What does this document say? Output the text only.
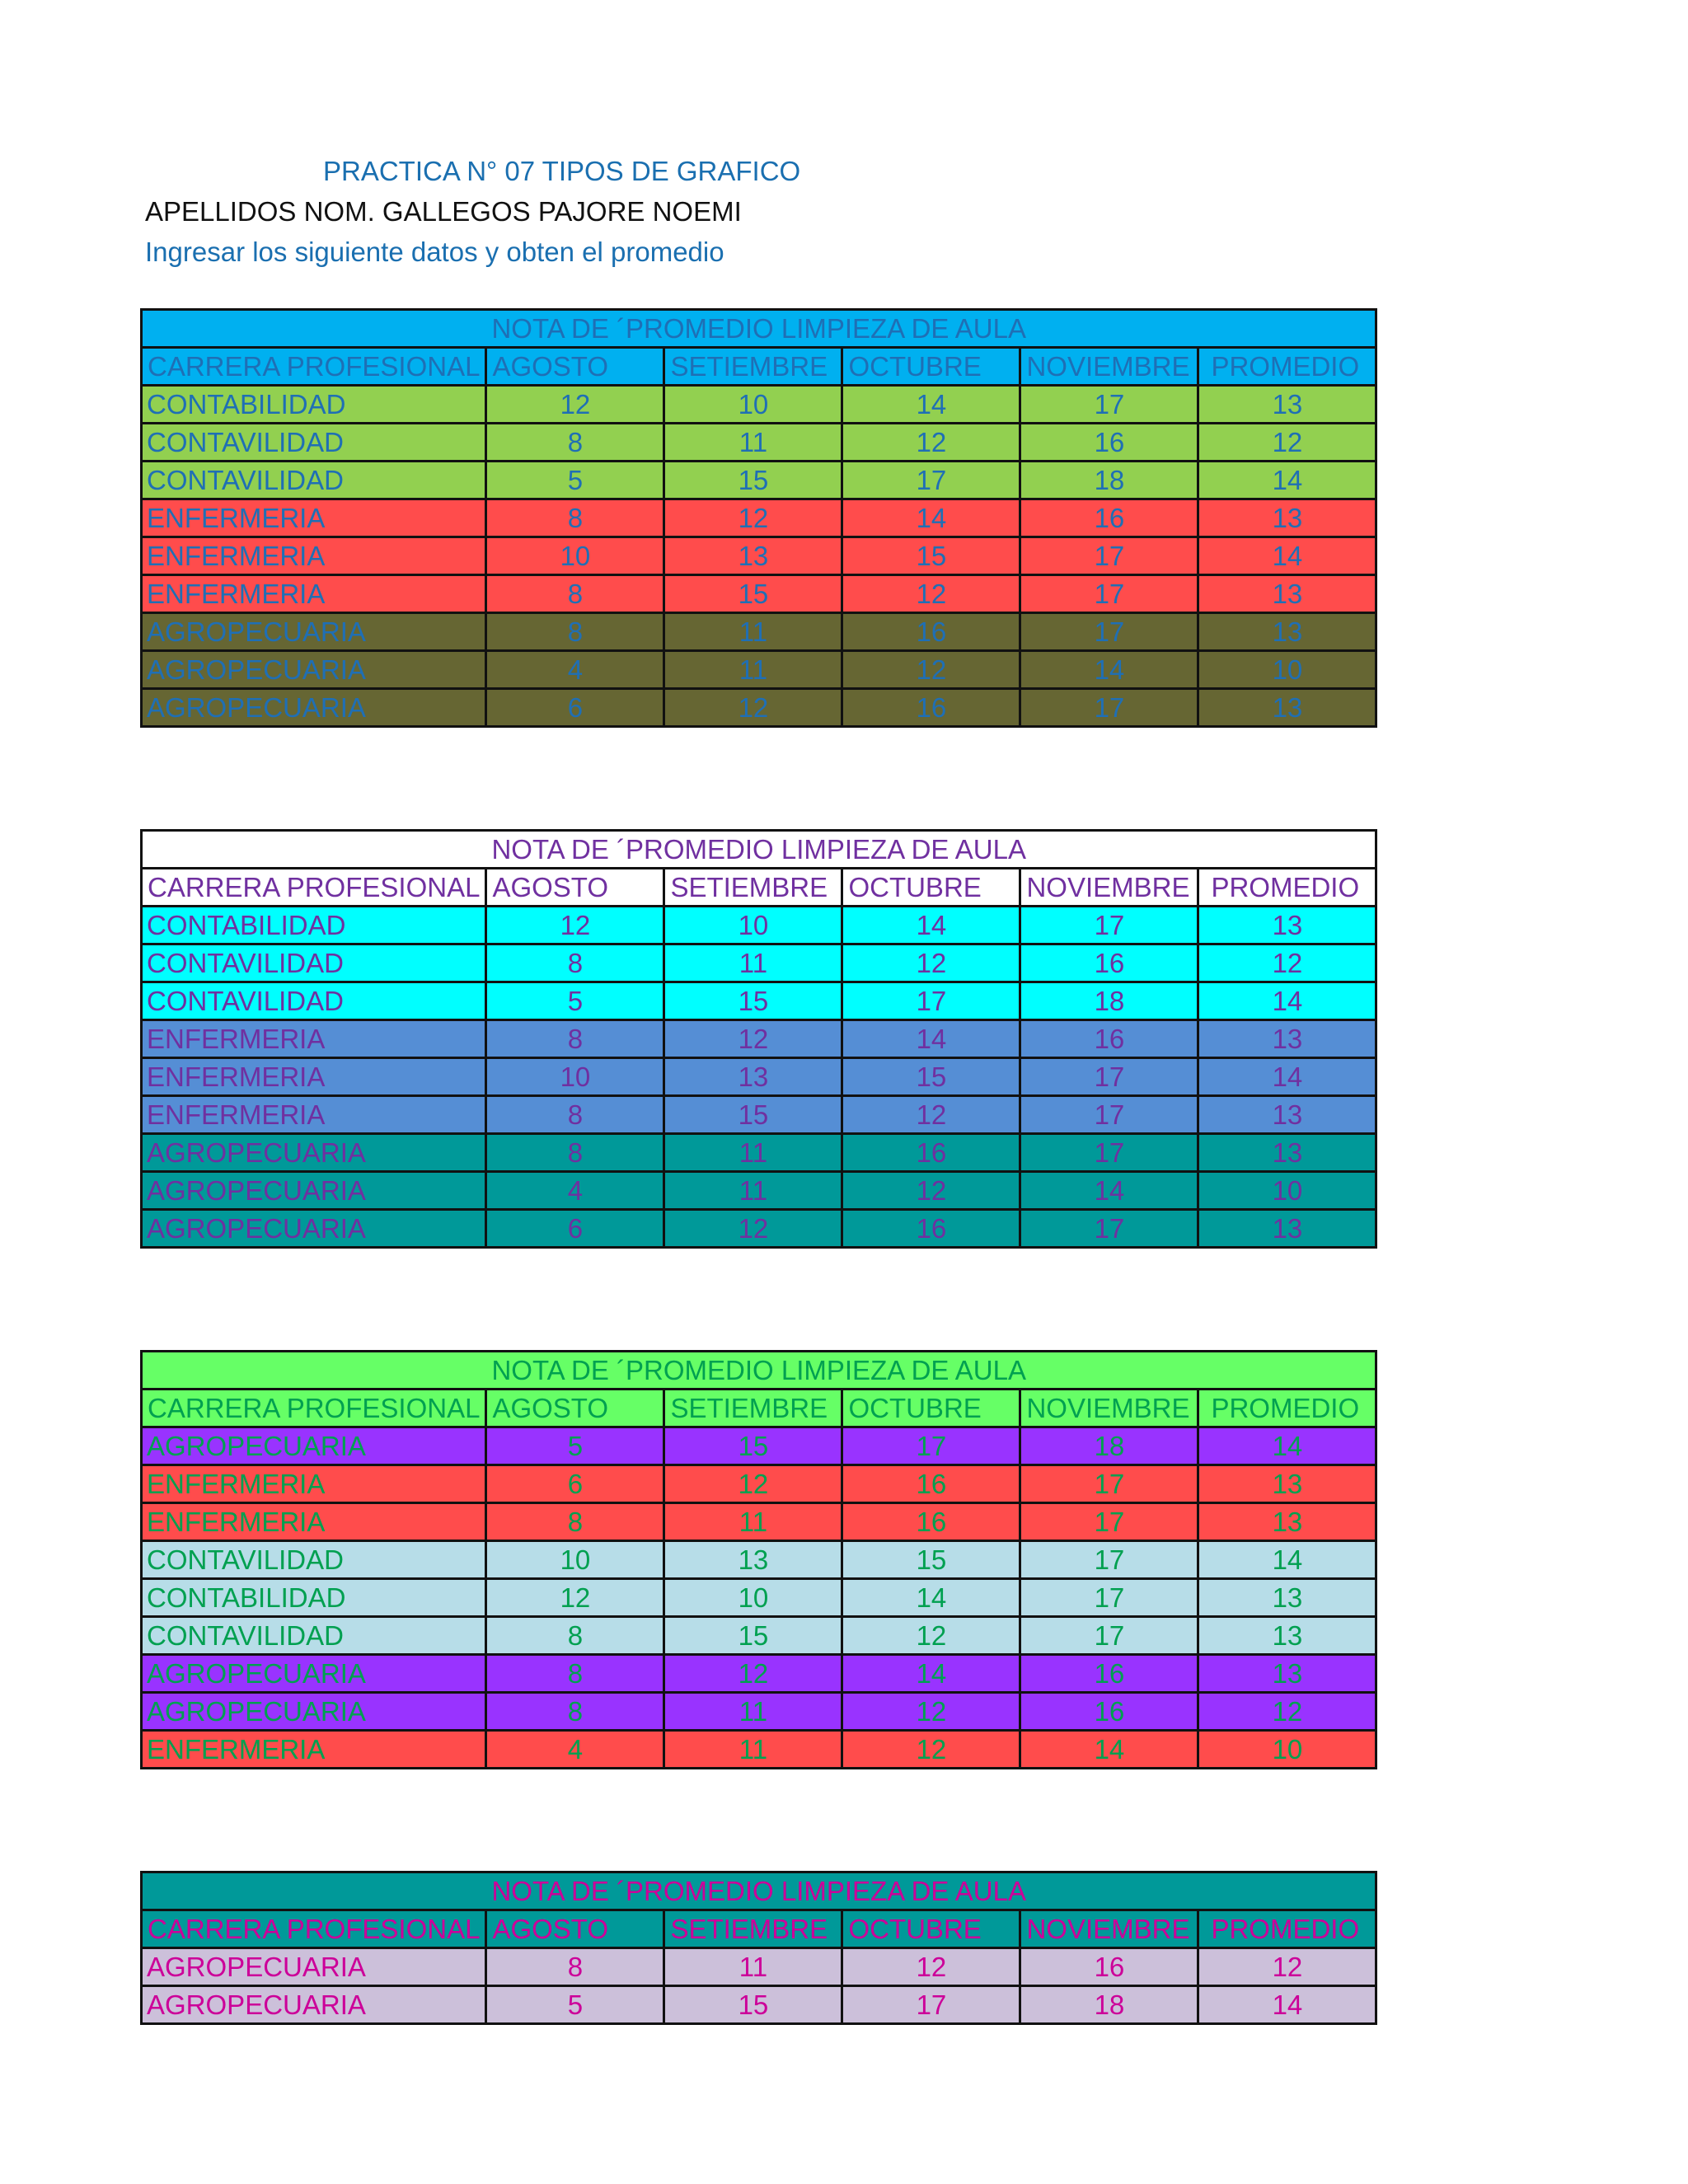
PRACTICA N° 07 TIPOS DE GRAFICO
APELLIDOS NOM. GALLEGOS PAJORE NOEMI
Ingresar los siguiente datos y obten el promedio
NOTA DE ´PROMEDIO LIMPIEZA DE AULA					
CARRERA PROFESIONAL	AGOSTO	SETIEMBRE	OCTUBRE	NOVIEMBRE	PROMEDIO
CONTABILIDAD	12	10	14	17	13
CONTAVILIDAD	8	11	12	16	12
CONTAVILIDAD	5	15	17	18	14
ENFERMERIA	8	12	14	16	13
ENFERMERIA	10	13	15	17	14
ENFERMERIA	8	15	12	17	13
AGROPECUARIA	8	11	16	17	13
AGROPECUARIA	4	11	12	14	10
AGROPECUARIA	6	12	16	17	13
NOTA DE ´PROMEDIO LIMPIEZA DE AULA					
CARRERA PROFESIONAL	AGOSTO	SETIEMBRE	OCTUBRE	NOVIEMBRE	PROMEDIO
CONTABILIDAD	12	10	14	17	13
CONTAVILIDAD	8	11	12	16	12
CONTAVILIDAD	5	15	17	18	14
ENFERMERIA	8	12	14	16	13
ENFERMERIA	10	13	15	17	14
ENFERMERIA	8	15	12	17	13
AGROPECUARIA	8	11	16	17	13
AGROPECUARIA	4	11	12	14	10
AGROPECUARIA	6	12	16	17	13
NOTA DE ´PROMEDIO LIMPIEZA DE AULA					
CARRERA PROFESIONAL	AGOSTO	SETIEMBRE	OCTUBRE	NOVIEMBRE	PROMEDIO
AGROPECUARIA	5	15	17	18	14
ENFERMERIA	6	12	16	17	13
ENFERMERIA	8	11	16	17	13
CONTAVILIDAD	10	13	15	17	14
CONTABILIDAD	12	10	14	17	13
CONTAVILIDAD	8	15	12	17	13
AGROPECUARIA	8	12	14	16	13
AGROPECUARIA	8	11	12	16	12
ENFERMERIA	4	11	12	14	10
NOTA DE ´PROMEDIO LIMPIEZA DE AULA					
CARRERA PROFESIONAL	AGOSTO	SETIEMBRE	OCTUBRE	NOVIEMBRE	PROMEDIO
AGROPECUARIA	8	11	12	16	12
AGROPECUARIA	5	15	17	18	14
